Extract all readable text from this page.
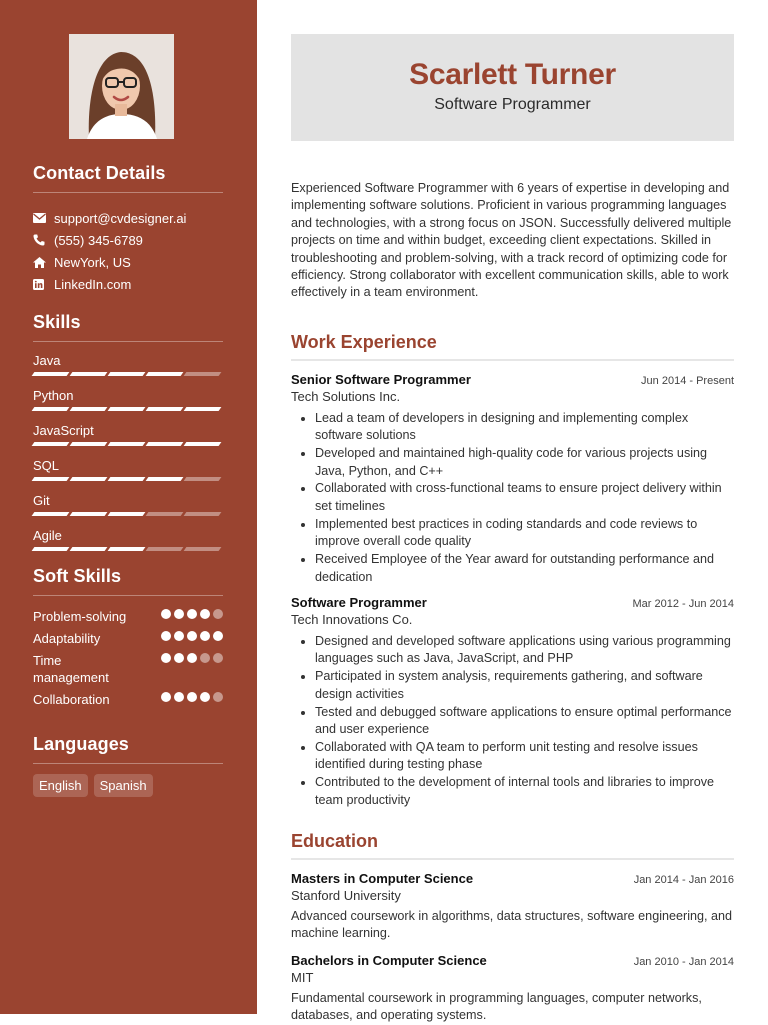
Contact Details
support@cvdesigner.ai
(555) 345-6789
NewYork, US
LinkedIn.com
Skills
Java
Python
JavaScript
SQL
Git
Agile
Soft Skills
Problem-solving
Adaptability
Time management
Collaboration
Languages
English	Spanish
Scarlett Turner
Software Programmer

Experienced Software Programmer with 6 years of expertise in developing and implementing software solutions. Proficient in various programming languages and technologies, with a strong focus on JSON. Successfully delivered multiple projects on time and within budget, exceeding client expectations. Skilled in troubleshooting and problem-solving, with a track record of optimizing code for efficiency. Strong collaborator with excellent communication skills, able to work effectively in a team environment.

Work Experience
Senior Software Programmer	Jun 2014 - Present
Tech Solutions Inc.
• Lead a team of developers in designing and implementing complex software solutions
• Developed and maintained high-quality code for various projects using Java, Python, and C++
• Collaborated with cross-functional teams to ensure project delivery within set timelines
• Implemented best practices in coding standards and code reviews to improve overall code quality
• Received Employee of the Year award for outstanding performance and dedication
Software Programmer	Mar 2012 - Jun 2014
Tech Innovations Co.
• Designed and developed software applications using various programming languages such as Java, JavaScript, and PHP
• Participated in system analysis, requirements gathering, and software design activities
• Tested and debugged software applications to ensure optimal performance and user experience
• Collaborated with QA team to perform unit testing and resolve issues identified during testing phase
• Contributed to the development of internal tools and libraries to improve team productivity
Education
Masters in Computer Science	Jan 2014 - Jan 2016
Stanford University

Advanced coursework in algorithms, data structures, software engineering, and machine learning.

Bachelors in Computer Science	Jan 2010 - Jan 2014
MIT

Fundamental coursework in programming languages, computer networks, databases, and operating systems.
